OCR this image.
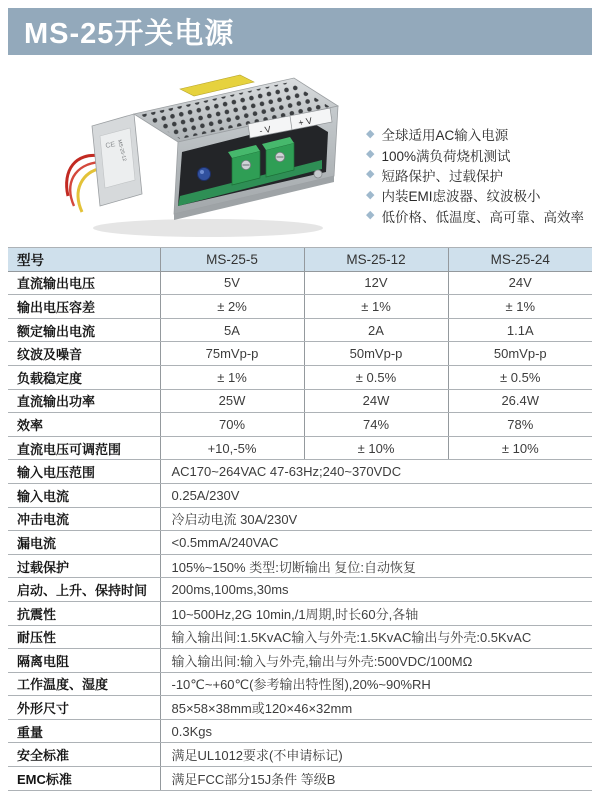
MS-25开关电源
CE MS-25-12
- V
+ V
◆ 全球适用AC输入电源
◆ 100%满负荷烧机测试
◆ 短路保护、过载保护
◆ 内装EMI虑波器、纹波极小
◆ 低价格、低温度、高可靠、高效率
型号	MS-25-5	MS-25-12	MS-25-24
直流输出电压	5V	12V	24V
输出电压容差	± 2%	± 1%	± 1%
额定输出电流	5A	2A	1.1A
纹波及噪音	75mVp-p	50mVp-p	50mVp-p
负载稳定度	± 1%	± 0.5%	± 0.5%
直流输出功率	25W	24W	26.4W
效率	70%	74%	78%
直流电压可调范围	+10,-5%	± 10%	± 10%
输入电压范围	AC170~264VAC 47-63Hz;240~370VDC		
输入电流	0.25A/230V		
冲击电流	冷启动电流 30A/230V		
漏电流	<0.5mmA/240VAC		
过载保护	105%~150% 类型:切断输出 复位:自动恢复		
启动、上升、保持时间	200ms,100ms,30ms		
抗震性	10~500Hz,2G 10min,/1周期,时长60分,各轴		
耐压性	输入输出间:1.5KvAC输入与外壳:1.5KvAC输出与外壳:0.5KvAC		
隔离电阻	输入输出间:输入与外壳,输出与外壳:500VDC/100MΩ		
工作温度、湿度	-10℃~+60℃(参考输出特性图),20%~90%RH		
外形尺寸	85×58×38mm或120×46×32mm		
重量	0.3Kgs		
安全标准	满足UL1012要求(不申请标记)		
EMC标准	满足FCC部分15J条件 等级B		
